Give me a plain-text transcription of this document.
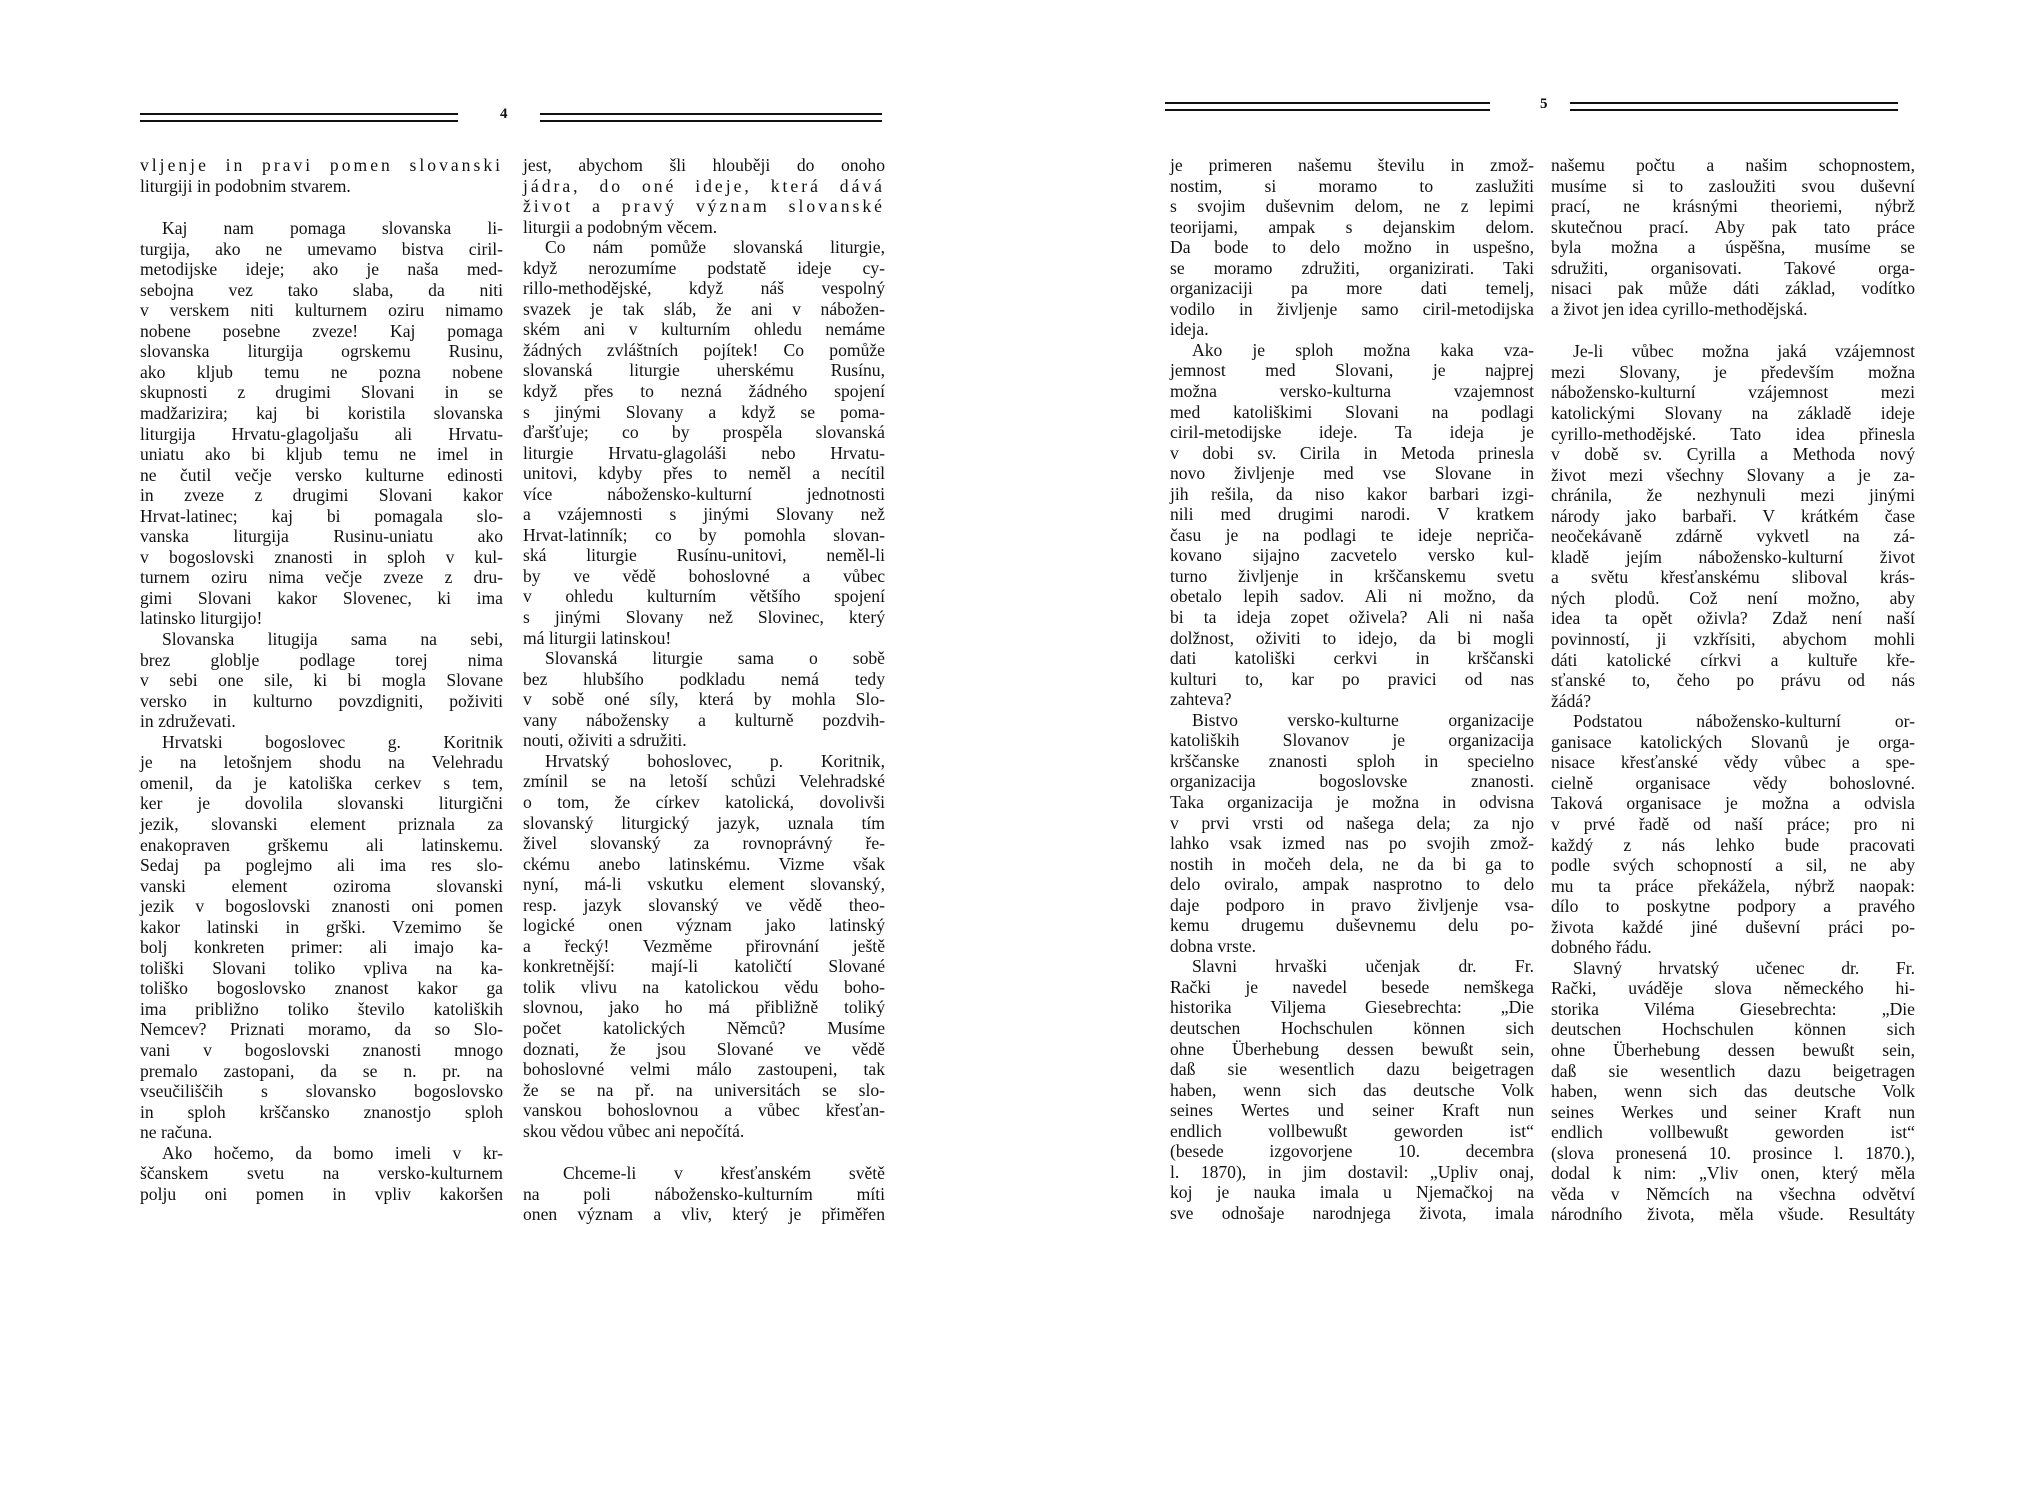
4
vljenje in pravi pomen slovanski
liturgiji in podobnim stvarem.
Kaj nam pomaga slovanska li-
turgija, ako ne umevamo bistva ciril-
metodijske ideje; ako je naša med-
sebojna vez tako slaba, da niti
v verskem niti kulturnem oziru nimamo
nobene posebne zveze! Kaj pomaga
slovanska liturgija ogrskemu Rusinu,
ako kljub temu ne pozna nobene
skupnosti z drugimi Slovani in se
madžarizira; kaj bi koristila slovanska
liturgija Hrvatu-glagoljašu ali Hrvatu-
uniatu ako bi kljub temu ne imel in
ne čutil večje versko kulturne edinosti
in zveze z drugimi Slovani kakor
Hrvat-latinec; kaj bi pomagala slo-
vanska liturgija Rusinu-uniatu ako
v bogoslovski znanosti in sploh v kul-
turnem oziru nima večje zveze z dru-
gimi Slovani kakor Slovenec, ki ima
latinsko liturgijo!
Slovanska litugija sama na sebi,
brez globlje podlage torej nima
v sebi one sile, ki bi mogla Slovane
versko in kulturno povzdigniti, poživiti
in združevati.
Hrvatski bogoslovec g. Koritnik
je na letošnjem shodu na Velehradu
omenil, da je katoliška cerkev s tem,
ker je dovolila slovanski liturgični
jezik, slovanski element priznala za
enakopraven grškemu ali latinskemu.
Sedaj pa poglejmo ali ima res slo-
vanski element oziroma slovanski
jezik v bogoslovski znanosti oni pomen
kakor latinski in grški. Vzemimo še
bolj konkreten primer: ali imajo ka-
toliški Slovani toliko vpliva na ka-
toliško bogoslovsko znanost kakor ga
ima približno toliko število katoliških
Nemcev? Priznati moramo, da so Slo-
vani v bogoslovski znanosti mnogo
premalo zastopani, da se n. pr. na
vseučiliščih s slovansko bogoslovsko
in sploh krščansko znanostjo sploh
ne računa.
Ako hočemo, da bomo imeli v kr-
ščanskem svetu na versko-kulturnem
polju oni pomen in vpliv kakoršen
jest, abychom šli hlouběji do onoho
jádra, do oné ideje, která dává
život a pravý význam slovanské
liturgii a podobným věcem.
Co nám pomůže slovanská liturgie,
když nerozumíme podstatě ideje cy-
rillo-methodějské, když náš vespolný
svazek je tak sláb, že ani v nábožen-
ském ani v kulturním ohledu nemáme
žádných zvláštních pojítek! Co pomůže
slovanská liturgie uherskému Rusínu,
když přes to nezná žádného spojení
s jinými Slovany a když se poma-
ďaršťuje; co by prospěla slovanská
liturgie Hrvatu-glagoláši nebo Hrvatu-
unitovi, kdyby přes to neměl a necítil
více nábožensko-kulturní jednotnosti
a vzájemnosti s jinými Slovany než
Hrvat-latinník; co by pomohla slovan-
ská liturgie Rusínu-unitovi, neměl-li
by ve vědě bohoslovné a vůbec
v ohledu kulturním většího spojení
s jinými Slovany než Slovinec, který
má liturgii latinskou!
Slovanská liturgie sama o sobě
bez hlubšího podkladu nemá tedy
v sobě oné síly, která by mohla Slo-
vany nábožensky a kulturně pozdvih-
nouti, oživiti a sdružiti.
Hrvatský bohoslovec, p. Koritnik,
zmínil se na letoší schůzi Velehradské
o tom, že církev katolická, dovolivši
slovanský liturgický jazyk, uznala tím
živel slovanský za rovnoprávný ře-
ckému anebo latinskému. Vizme však
nyní, má-li vskutku element slovanský,
resp. jazyk slovanský ve vědě theo-
logické onen význam jako latinský
a řecký! Vezměme přirovnání ještě
konkretnější: mají-li katoličtí Slované
tolik vlivu na katolickou vědu boho-
slovnou, jako ho má přibližně toliký
počet katolických Němců? Musíme
doznati, že jsou Slované ve vědě
bohoslovné velmi málo zastoupeni, tak
že se na př. na universitách se slo-
vanskou bohoslovnou a vůbec křesťan-
skou vědou vůbec ani nepočítá.
Chceme-li v křesťanském světě
na poli nábožensko-kulturním míti
onen význam a vliv, který je přiměřen
5
je primeren našemu številu in zmož-
nostim, si moramo to zaslužiti
s svojim duševnim delom, ne z lepimi
teorijami, ampak s dejanskim delom.
Da bode to delo možno in uspešno,
se moramo združiti, organizirati. Taki
organizaciji pa more dati temelj,
vodilo in življenje samo ciril-metodijska
ideja.
Ako je sploh možna kaka vza-
jemnost med Slovani, je najprej
možna versko-kulturna vzajemnost
med katoliškimi Slovani na podlagi
ciril-metodijske ideje. Ta ideja je
v dobi sv. Cirila in Metoda prinesla
novo življenje med vse Slovane in
jih rešila, da niso kakor barbari izgi-
nili med drugimi narodi. V kratkem
času je na podlagi te ideje nepriča-
kovano sijajno zacvetelo versko kul-
turno življenje in krščanskemu svetu
obetalo lepih sadov. Ali ni možno, da
bi ta ideja zopet oživela? Ali ni naša
dolžnost, oživiti to idejo, da bi mogli
dati katoliški cerkvi in krščanski
kulturi to, kar po pravici od nas
zahteva?
Bistvo versko-kulturne organizacije
katoliških Slovanov je organizacija
krščanske znanosti sploh in specielno
organizacija bogoslovske znanosti.
Taka organizacija je možna in odvisna
v prvi vrsti od našega dela; za njo
lahko vsak izmed nas po svojih zmož-
nostih in močeh dela, ne da bi ga to
delo oviralo, ampak nasprotno to delo
daje podporo in pravo življenje vsa-
kemu drugemu duševnemu delu po-
dobna vrste.
Slavni hrvaški učenjak dr. Fr.
Rački je navedel besede nemškega
historika Viljema Giesebrechta: „Die
deutschen Hochschulen können sich
ohne Überhebung dessen bewußt sein,
daß sie wesentlich dazu beigetragen
haben, wenn sich das deutsche Volk
seines Wertes und seiner Kraft nun
endlich vollbewußt geworden ist“
(besede izgovorjene 10. decembra
l. 1870), in jim dostavil: „Upliv onaj,
koj je nauka imala u Njemačkoj na
sve odnošaje narodnjega života, imala
našemu počtu a našim schopnostem,
musíme si to zasloužiti svou duševní
prací, ne krásnými theoriemi, nýbrž
skutečnou prací. Aby pak tato práce
byla možna a úspěšna, musíme se
sdružiti, organisovati. Takové orga-
nisaci pak může dáti základ, vodítko
a život jen idea cyrillo-methodějská.
Je-li vůbec možna jaká vzájemnost
mezi Slovany, je především možna
nábožensko-kulturní vzájemnost mezi
katolickými Slovany na základě ideje
cyrillo-methodějské. Tato idea přinesla
v době sv. Cyrilla a Methoda nový
život mezi všechny Slovany a je za-
chránila, že nezhynuli mezi jinými
národy jako barbaři. V krátkém čase
neočekávaně zdárně vykvetl na zá-
kladě jejím nábožensko-kulturní život
a světu křesťanskému sliboval krás-
ných plodů. Což není možno, aby
idea ta opět oživla? Zdaž není naší
povinností, ji vzkřísiti, abychom mohli
dáti katolické církvi a kultuře kře-
sťanské to, čeho po právu od nás
žádá?
Podstatou nábožensko-kulturní or-
ganisace katolických Slovanů je orga-
nisace křesťanské vědy vůbec a spe-
cielně organisace vědy bohoslovné.
Taková organisace je možna a odvisla
v prvé řadě od naší práce; pro ni
každý z nás lehko bude pracovati
podle svých schopností a sil, ne aby
mu ta práce překážela, nýbrž naopak:
dílo to poskytne podpory a pravého
života každé jiné duševní práci po-
dobného řádu.
Slavný hrvatský učenec dr. Fr.
Rački, uváděje slova německého hi-
storika Viléma Giesebrechta: „Die
deutschen Hochschulen können sich
ohne Überhebung dessen bewußt sein,
daß sie wesentlich dazu beigetragen
haben, wenn sich das deutsche Volk
seines Werkes und seiner Kraft nun
endlich vollbewußt geworden ist“
(slova pronesená 10. prosince l. 1870.),
dodal k nim: „Vliv onen, který měla
věda v Němcích na všechna odvětví
národního života, měla všude. Resultáty
